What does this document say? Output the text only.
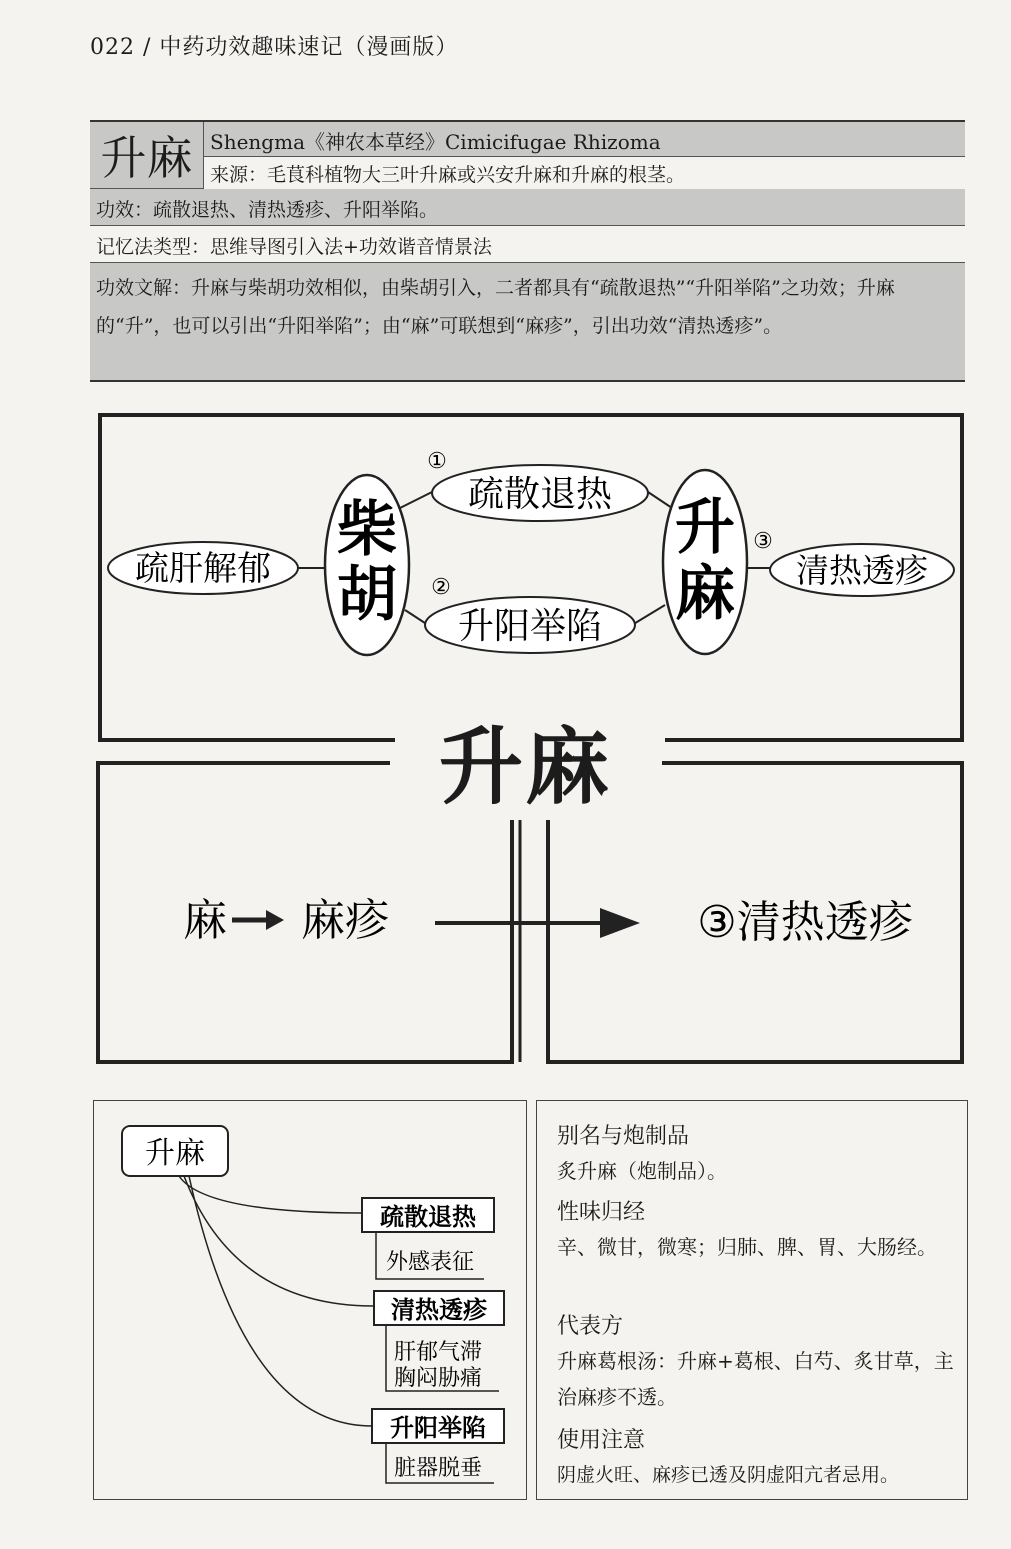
022 / 中药功效趣味速记（漫画版）
升麻 Shengma《神农本草经》Cimicifugae Rhizoma
来源：毛茛科植物大三叶升麻或兴安升麻和升麻的根茎。
功效：疏散退热、清热透疹、升阳举陷。
记忆法类型：思维导图引入法+功效谐音情景法

功效文解：升麻与柴胡功效相似，由柴胡引入，二者都具有“疏散退热”“升阳举陷”之功效；升麻的“升”，也可以引出“升阳举陷”；由“麻”可联想到“麻疹”，引出功效“清热透疹”。

疏肝解郁
柴
胡
升
麻
①
疏散退热
②
升阳举陷
③
清热透疹
麻 麻疹	③清热透疹
升麻
升麻
疏散退热
外感表征
清热透疹
肝郁气滞
胸闷胁痛
升阳举陷
脏器脱垂
别名与炮制品
炙升麻（炮制品）。
性味归经
辛、微甘，微寒；归肺、脾、胃、大肠经。
代表方
升麻葛根汤：升麻+葛根、白芍、炙甘草，主治麻疹不透。
使用注意
阴虚火旺、麻疹已透及阴虚阳亢者忌用。
